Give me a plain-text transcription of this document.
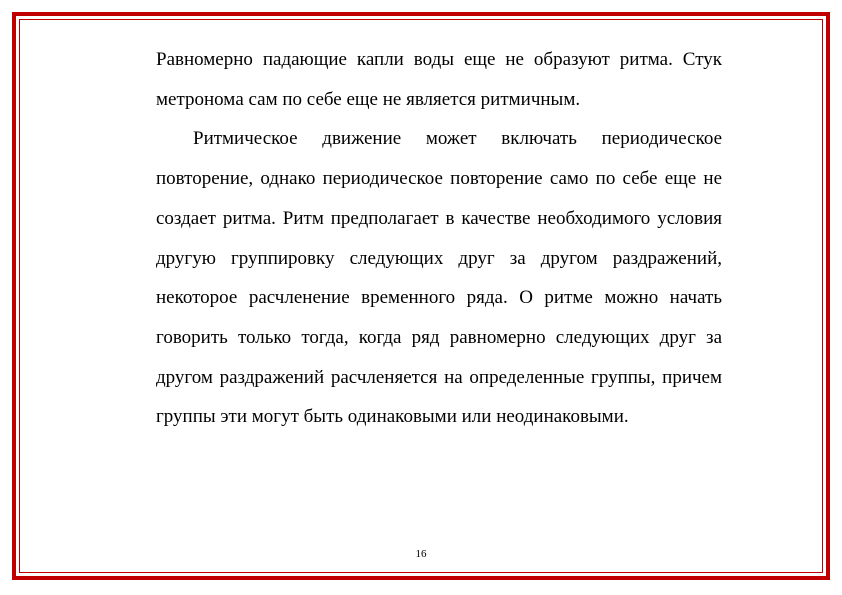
Равномерно падающие капли воды еще не образуют ритма. Стук метрономa сам по себе еще не является ритмичным.

Ритмическое движение может включать периодическое повторение, однако периодическое повторение само по себе еще не создает ритма. Ритм предполагает в качестве необходимого условия другую группировку следующих друг за другом раздражений, некоторое расчленение временного ряда. О ритме можно начать говорить только тогда, когда ряд равномерно следующих друг за другом раздражений расчленяется на определенные группы, причем группы эти могут быть одинаковыми или неодинаковыми.

16
